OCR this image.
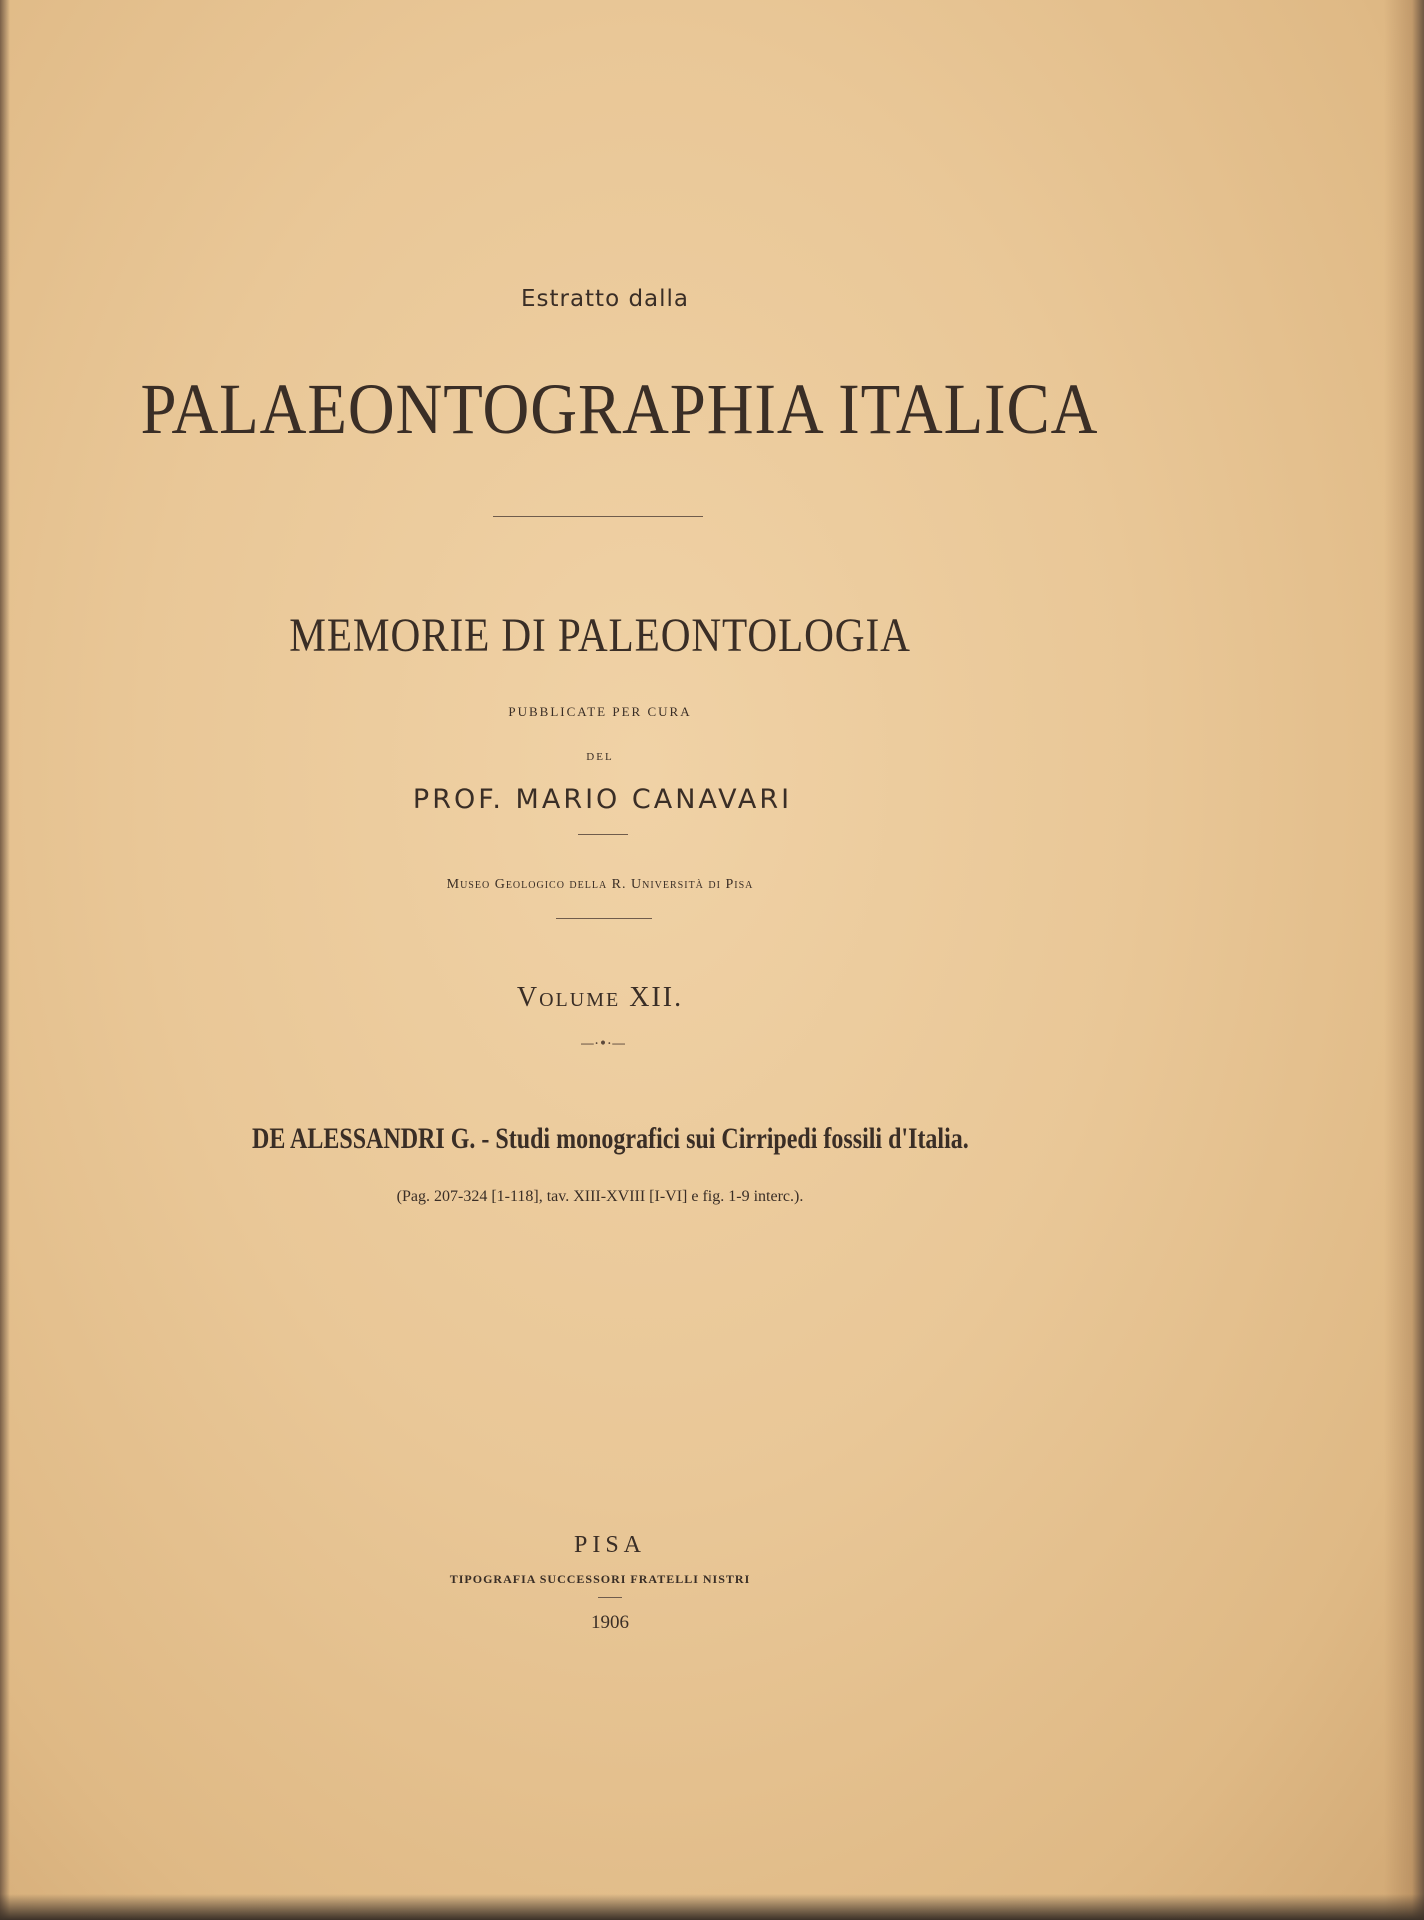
Estratto dalla
PALAEONTOGRAPHIA ITALICA
MEMORIE DI PALEONTOLOGIA
PUBBLICATE PER CURA
DEL
PROF. MARIO CANAVARI
Museo Geologico della R. Università di Pisa
Volume XII.
—·•·—
DE ALESSANDRI G. - Studi monografici sui Cirripedi fossili d'Italia.
(Pag. 207-324 [1-118], tav. XIII-XVIII [I-VI] e fig. 1-9 interc.).
PISA
TIPOGRAFIA SUCCESSORI FRATELLI NISTRI
1906
